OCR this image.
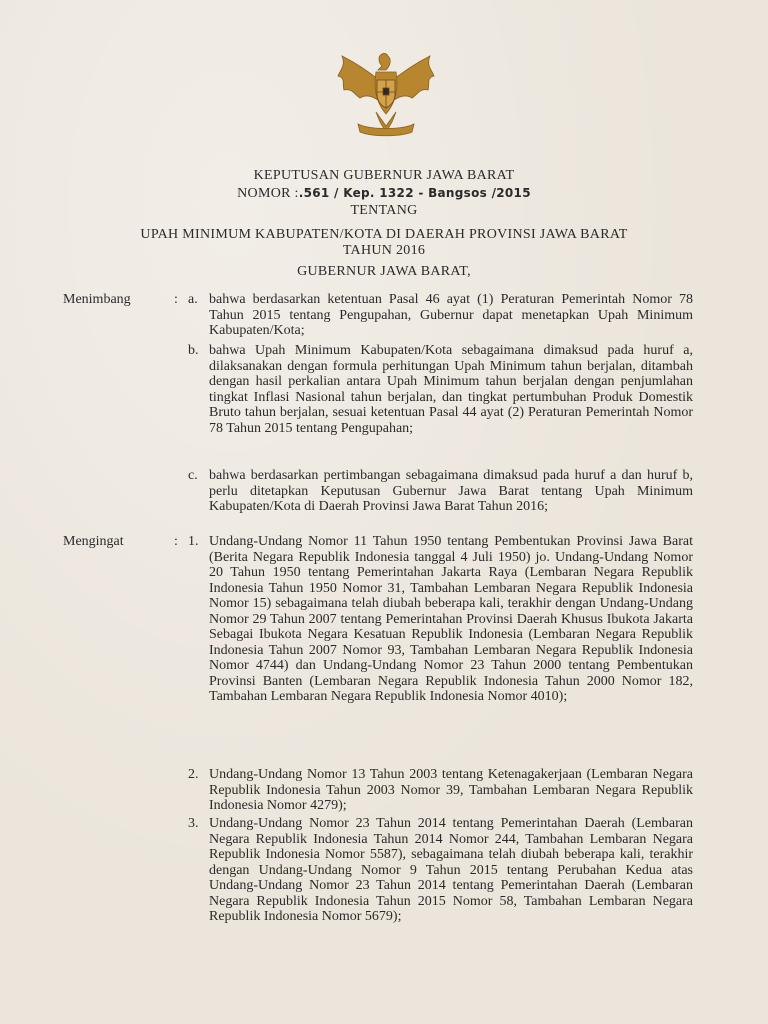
KEPUTUSAN GUBERNUR JAWA BARAT
NOMOR :.561 / Kep. 1322 - Bangsos /2015
TENTANG
UPAH MINIMUM KABUPATEN/KOTA DI DAERAH PROVINSI JAWA BARAT
TAHUN 2016
GUBERNUR JAWA BARAT,
Menimbang	: a. bahwa berdasarkan ketentuan Pasal 46 ayat (1) Peraturan Pemerintah Nomor 78 Tahun 2015 tentang Pengupahan, Gubernur dapat menetapkan Upah Minimum Kabupaten/Kota;
b. bahwa Upah Minimum Kabupaten/Kota sebagaimana dimaksud pada huruf a, dilaksanakan dengan formula perhitungan Upah Minimum tahun berjalan, ditambah dengan hasil perkalian antara Upah Minimum tahun berjalan dengan penjumlahan tingkat Inflasi Nasional tahun berjalan, dan tingkat pertumbuhan Produk Domestik Bruto tahun berjalan, sesuai ketentuan Pasal 44 ayat (2) Peraturan Pemerintah Nomor 78 Tahun 2015 tentang Pengupahan;
c. bahwa berdasarkan pertimbangan sebagaimana dimaksud pada huruf a dan huruf b, perlu ditetapkan Keputusan Gubernur Jawa Barat tentang Upah Minimum Kabupaten/Kota di Daerah Provinsi Jawa Barat Tahun 2016;
Mengingat	: 1. Undang-Undang Nomor 11 Tahun 1950 tentang Pembentukan Provinsi Jawa Barat (Berita Negara Republik Indonesia tanggal 4 Juli 1950) jo. Undang-Undang Nomor 20 Tahun 1950 tentang Pemerintahan Jakarta Raya (Lembaran Negara Republik Indonesia Tahun 1950 Nomor 31, Tambahan Lembaran Negara Republik Indonesia Nomor 15) sebagaimana telah diubah beberapa kali, terakhir dengan Undang-Undang Nomor 29 Tahun 2007 tentang Pemerintahan Provinsi Daerah Khusus Ibukota Jakarta Sebagai Ibukota Negara Kesatuan Republik Indonesia (Lembaran Negara Republik Indonesia Tahun 2007 Nomor 93, Tambahan Lembaran Negara Republik Indonesia Nomor 4744) dan Undang-Undang Nomor 23 Tahun 2000 tentang Pembentukan Provinsi Banten (Lembaran Negara Republik Indonesia Tahun 2000 Nomor 182, Tambahan Lembaran Negara Republik Indonesia Nomor 4010);
2. Undang-Undang Nomor 13 Tahun 2003 tentang Ketenagakerjaan (Lembaran Negara Republik Indonesia Tahun 2003 Nomor 39, Tambahan Lembaran Negara Republik Indonesia Nomor 4279);
3. Undang-Undang Nomor 23 Tahun 2014 tentang Pemerintahan Daerah (Lembaran Negara Republik Indonesia Tahun 2014 Nomor 244, Tambahan Lembaran Negara Republik Indonesia Nomor 5587), sebagaimana telah diubah beberapa kali, terakhir dengan Undang-Undang Nomor 9 Tahun 2015 tentang Perubahan Kedua atas Undang-Undang Nomor 23 Tahun 2014 tentang Pemerintahan Daerah (Lembaran Negara Republik Indonesia Tahun 2015 Nomor 58, Tambahan Lembaran Negara Republik Indonesia Nomor 5679);
